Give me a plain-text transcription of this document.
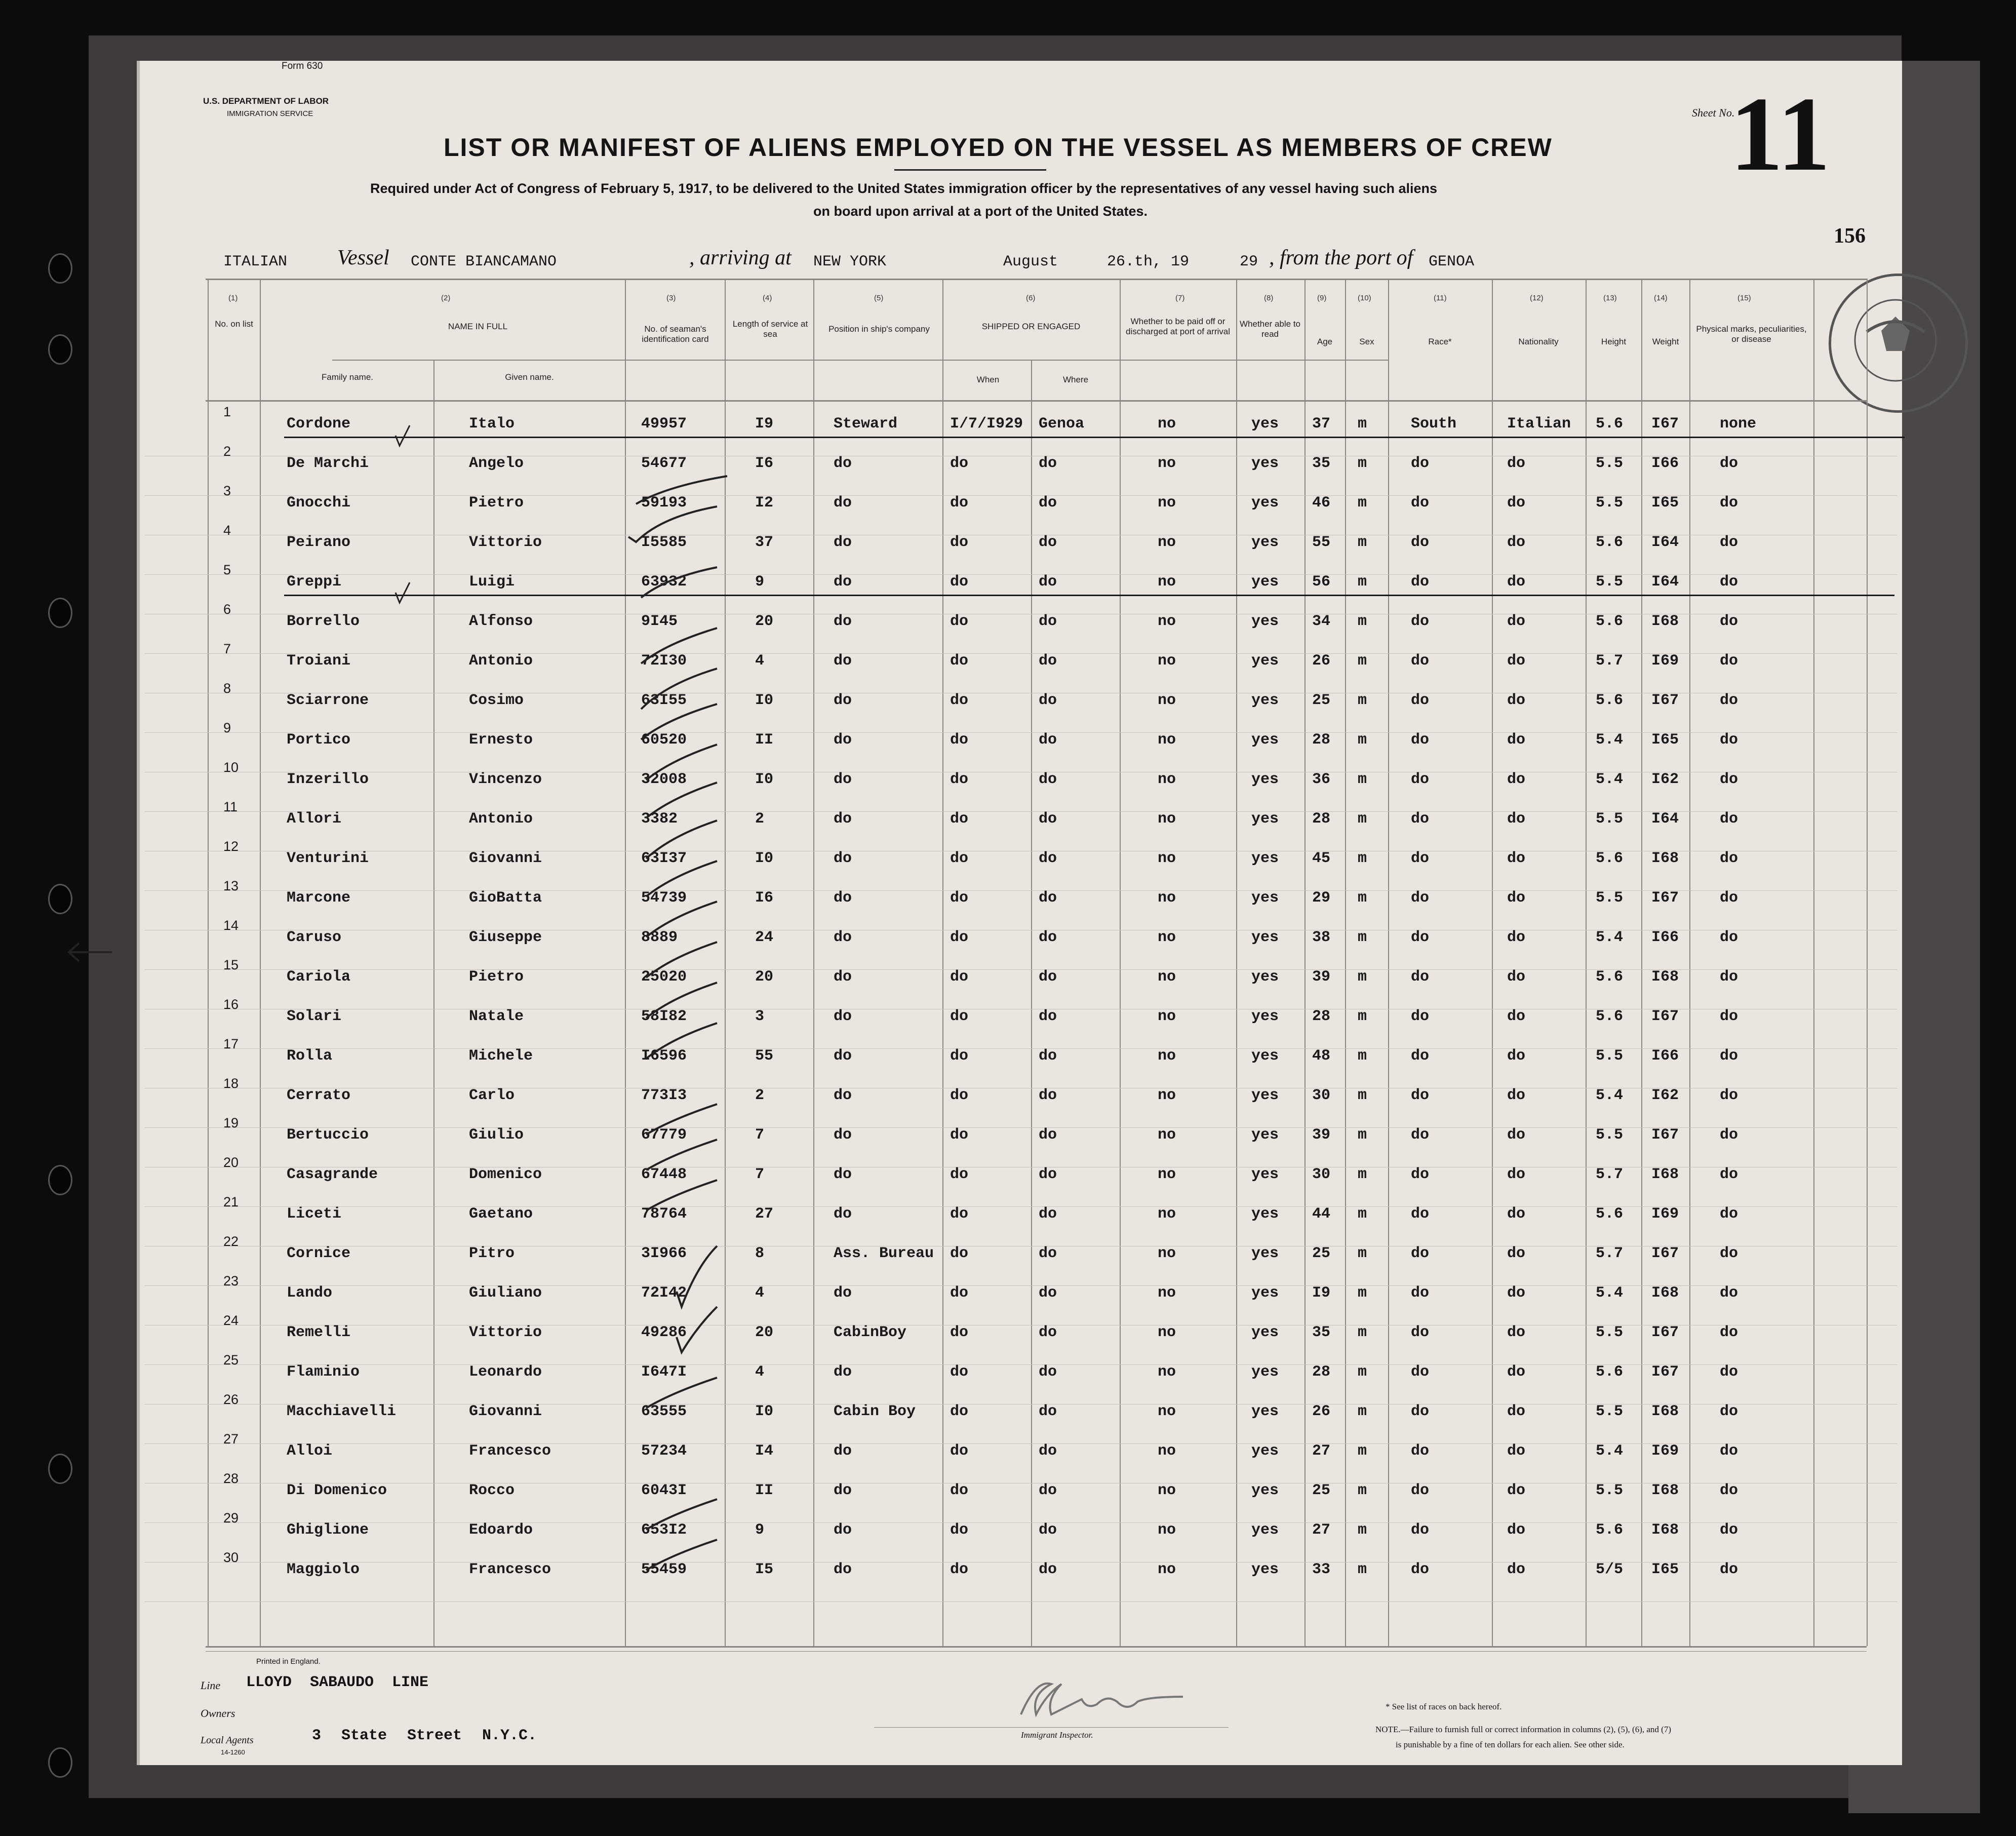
Form 630
U.S. DEPARTMENT OF LABOR
IMMIGRATION SERVICE
LIST OR MANIFEST OF ALIENS EMPLOYED ON THE VESSEL AS MEMBERS OF CREW
Required under Act of Congress of February 5, 1917, to be delivered to the United States immigration officer by the representatives of any vessel having such aliens
on board upon arrival at a port of the United States.
Sheet No.
11
156
ITALIAN Vessel CONTE BIANCAMANO	, arriving at NEW YORK	August	26.th, 19	29 , from the port of GENOA
(1)
No. on list
(2)
NAME IN FULL
Family name.	Given name.
(3)
No. of seaman's identification card
(4)
Length of service at sea
(5)
Position in ship's company
(6)
SHIPPED OR ENGAGED
When	Where
(7)
Whether to be paid off or discharged at port of arrival
(8)
Whether able to read
(9)
Age
(10)
Sex
(11)
Race*
(12)
Nationality
(13)
Height
(14)
Weight
(15)
Physical marks, peculiarities, or disease
1
Cordone	Italo	49957	I9	Steward	I/7/I929 Genoa	no	yes 37 m	South	Italian 5.6 I67	none
2
De Marchi	Angelo	54677	I6	do	do	do	no	yes 35 m	do	do	5.5 I66	do
3
Gnocchi	Pietro	59193	I2	do	do	do	no	yes 46 m	do	do	5.5 I65	do
4
Peirano	Vittorio	I5585	37	do	do	do	no	yes 55 m	do	do	5.6 I64	do
5
Greppi	Luigi	63932	9	do	do	do	no	yes 56 m	do	do	5.5 I64	do
6
Borrello	Alfonso	9I45	20	do	do	do	no	yes 34 m	do	do	5.6 I68	do
7
Troiani	Antonio	72I30	4	do	do	do	no	yes 26 m	do	do	5.7 I69	do
8
Sciarrone	Cosimo	63I55	I0	do	do	do	no	yes 25 m	do	do	5.6 I67	do
9
Portico	Ernesto	60520	II	do	do	do	no	yes 28 m	do	do	5.4 I65	do
10
Inzerillo	Vincenzo	32008	I0	do	do	do	no	yes 36 m	do	do	5.4 I62	do
11
Allori	Antonio	3382	2	do	do	do	no	yes 28 m	do	do	5.5 I64	do
12
Venturini	Giovanni	63I37	I0	do	do	do	no	yes 45 m	do	do	5.6 I68	do
13
Marcone	GioBatta	54739	I6	do	do	do	no	yes 29 m	do	do	5.5 I67	do
14
Caruso	Giuseppe	8889	24	do	do	do	no	yes 38 m	do	do	5.4 I66	do
15
Cariola	Pietro	25020	20	do	do	do	no	yes 39 m	do	do	5.6 I68	do
16
Solari	Natale	58I82	3	do	do	do	no	yes 28 m	do	do	5.6 I67	do
17
Rolla	Michele	I6596	55	do	do	do	no	yes 48 m	do	do	5.5 I66	do
18
Cerrato	Carlo	773I3	2	do	do	do	no	yes 30 m	do	do	5.4 I62	do
19
Bertuccio	Giulio	67779	7	do	do	do	no	yes 39 m	do	do	5.5 I67	do
20
Casagrande	Domenico	67448	7	do	do	do	no	yes 30 m	do	do	5.7 I68	do
21
Liceti	Gaetano	78764	27	do	do	do	no	yes 44 m	do	do	5.6 I69	do
22
Cornice	Pitro	3I966	8	Ass. Bureau do	do	no	yes 25 m	do	do	5.7 I67	do
23
Lando	Giuliano	72I42	4	do	do	do	no	yes I9 m	do	do	5.4 I68	do
24
Remelli	Vittorio	49286	20	CabinBoy	do	do	no	yes 35 m	do	do	5.5 I67	do
25
Flaminio	Leonardo	I647I	4	do	do	do	no	yes 28 m	do	do	5.6 I67	do
26
Macchiavelli	Giovanni	63555	I0	Cabin Boy do	do	no	yes 26 m	do	do	5.5 I68	do
27
Alloi	Francesco	57234	I4	do	do	do	no	yes 27 m	do	do	5.4 I69	do
28
Di Domenico	Rocco	6043I	II	do	do	do	no	yes 25 m	do	do	5.5 I68	do
29
Ghiglione	Edoardo	653I2	9	do	do	do	no	yes 27 m	do	do	5.6 I68	do
30
Maggiolo	Francesco	55459	I5	do	do	do	no	yes 33 m	do	do	5/5 I65	do
Printed in England.
Line LLOYD SABAUDO LINE
Owners
Local Agents
14-1260
3 State Street N.Y.C.	Immigrant Inspector.
* See list of races on back hereof.
NOTE.—Failure to furnish full or correct information in columns (2), (5), (6), and (7)
is punishable by a fine of ten dollars for each alien. See other side.
